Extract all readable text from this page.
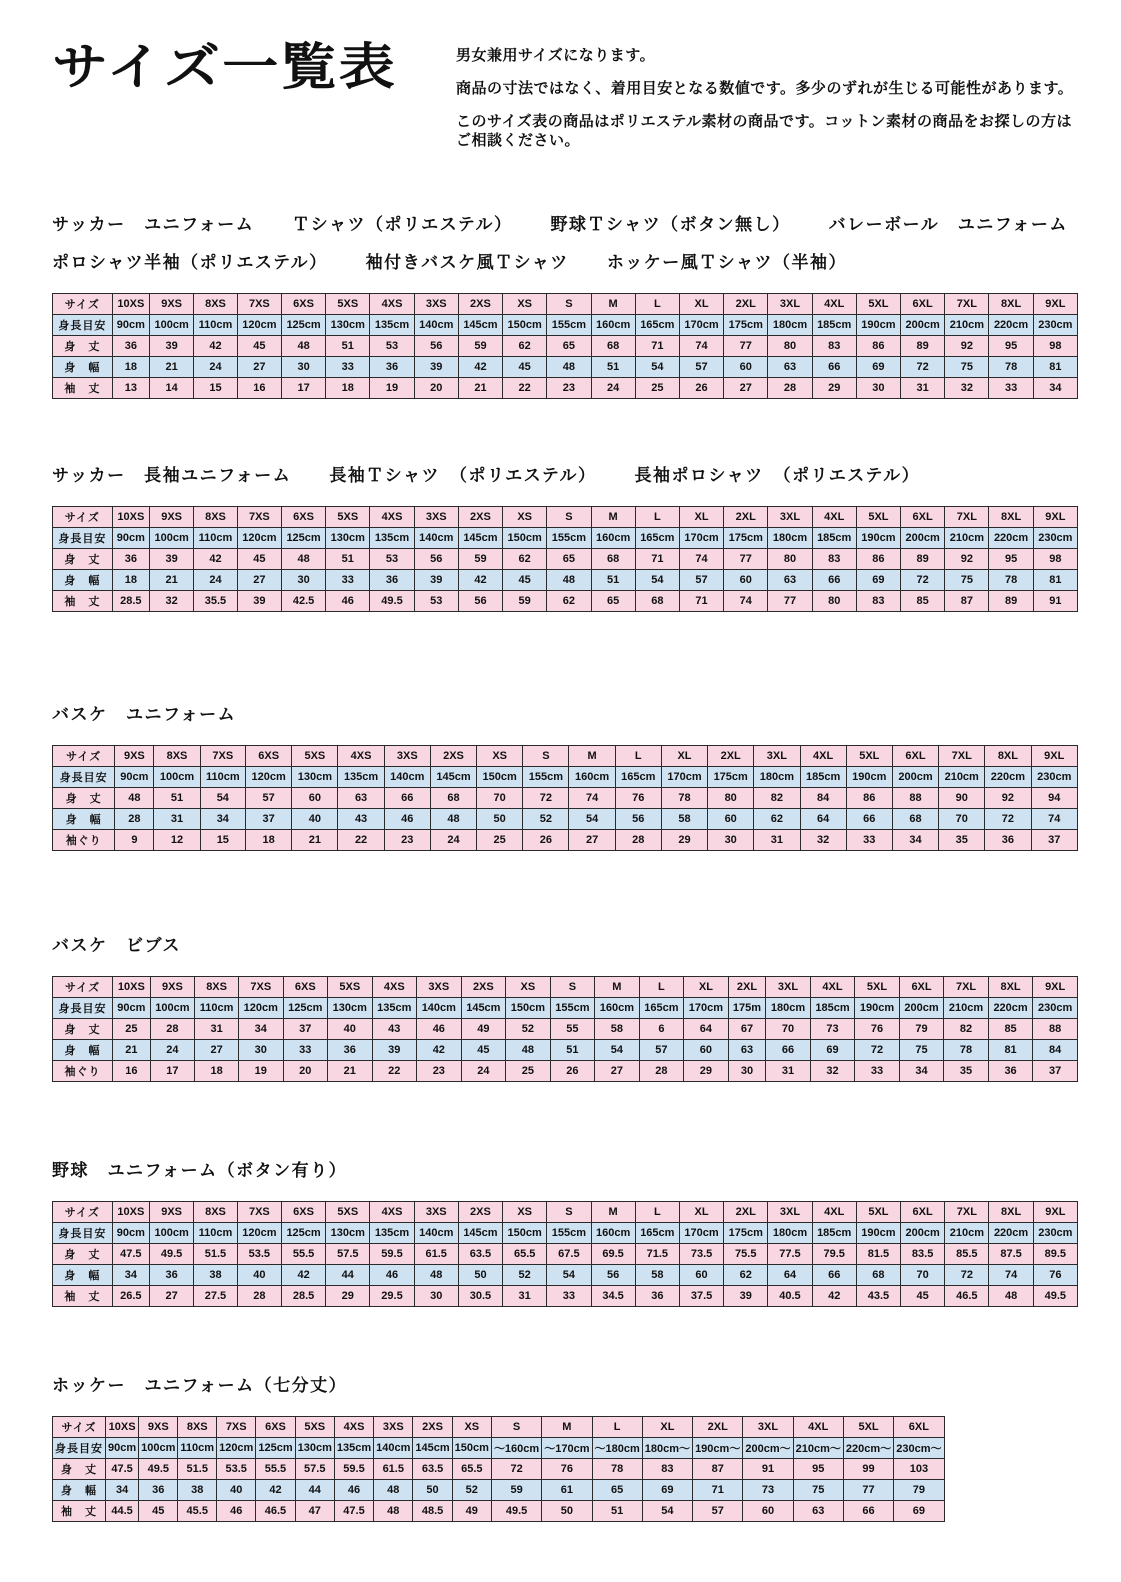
サイズ一覧表	男女兼用サイズになります。

商品の寸法ではなく、着用目安となる数値です。多少のずれが生じる可能性があります。

このサイズ表の商品はポリエステル素材の商品です。コットン素材の商品をお探しの方はご相談ください。

サッカー　ユニフォーム Ｔシャツ（ポリエステル） 野球Ｔシャツ（ボタン無し） バレーボール　ユニフォーム
ポロシャツ半袖（ポリエステル） 袖付きバスケ風Ｔシャツ ホッケー風Ｔシャツ（半袖）
サイズ	10XS	9XS	8XS	7XS	6XS	5XS	4XS	3XS	2XS	XS	S	M	L	XL	2XL	3XL	4XL	5XL	6XL	7XL	8XL	9XL
身長目安	90cm	100cm	110cm	120cm	125cm	130cm	135cm	140cm	145cm	150cm	155cm	160cm	165cm	170cm	175cm	180cm	185cm	190cm	200cm	210cm	220cm	230cm
身　丈	36	39	42	45	48	51	53	56	59	62	65	68	71	74	77	80	83	86	89	92	95	98
身　幅	18	21	24	27	30	33	36	39	42	45	48	51	54	57	60	63	66	69	72	75	78	81
袖　丈	13	14	15	16	17	18	19	20	21	22	23	24	25	26	27	28	29	30	31	32	33	34
サッカー　長袖ユニフォーム 長袖Ｔシャツ　（ポリエステル） 長袖ポロシャツ　（ポリエステル）
サイズ	10XS	9XS	8XS	7XS	6XS	5XS	4XS	3XS	2XS	XS	S	M	L	XL	2XL	3XL	4XL	5XL	6XL	7XL	8XL	9XL
身長目安	90cm	100cm	110cm	120cm	125cm	130cm	135cm	140cm	145cm	150cm	155cm	160cm	165cm	170cm	175cm	180cm	185cm	190cm	200cm	210cm	220cm	230cm
身　丈	36	39	42	45	48	51	53	56	59	62	65	68	71	74	77	80	83	86	89	92	95	98
身　幅	18	21	24	27	30	33	36	39	42	45	48	51	54	57	60	63	66	69	72	75	78	81
袖　丈	28.5	32	35.5	39	42.5	46	49.5	53	56	59	62	65	68	71	74	77	80	83	85	87	89	91
バスケ　ユニフォーム
サイズ	9XS	8XS	7XS	6XS	5XS	4XS	3XS	2XS	XS	S	M	L	XL	2XL	3XL	4XL	5XL	6XL	7XL	8XL	9XL
身長目安	90cm	100cm	110cm	120cm	130cm	135cm	140cm	145cm	150cm	155cm	160cm	165cm	170cm	175cm	180cm	185cm	190cm	200cm	210cm	220cm	230cm
身　丈	48	51	54	57	60	63	66	68	70	72	74	76	78	80	82	84	86	88	90	92	94
身　幅	28	31	34	37	40	43	46	48	50	52	54	56	58	60	62	64	66	68	70	72	74
袖ぐり	9	12	15	18	21	22	23	24	25	26	27	28	29	30	31	32	33	34	35	36	37
バスケ　ビブス
サイズ	10XS	9XS	8XS	7XS	6XS	5XS	4XS	3XS	2XS	XS	S	M	L	XL	2XL	3XL	4XL	5XL	6XL	7XL	8XL	9XL
身長目安	90cm	100cm	110cm	120cm	125cm	130cm	135cm	140cm	145cm	150cm	155cm	160cm	165cm	170cm	175m	180cm	185cm	190cm	200cm	210cm	220cm	230cm
身　丈	25	28	31	34	37	40	43	46	49	52	55	58	6	64	67	70	73	76	79	82	85	88
身　幅	21	24	27	30	33	36	39	42	45	48	51	54	57	60	63	66	69	72	75	78	81	84
袖ぐり	16	17	18	19	20	21	22	23	24	25	26	27	28	29	30	31	32	33	34	35	36	37
野球　ユニフォーム（ボタン有り）
サイズ	10XS	9XS	8XS	7XS	6XS	5XS	4XS	3XS	2XS	XS	S	M	L	XL	2XL	3XL	4XL	5XL	6XL	7XL	8XL	9XL
身長目安	90cm	100cm	110cm	120cm	125cm	130cm	135cm	140cm	145cm	150cm	155cm	160cm	165cm	170cm	175cm	180cm	185cm	190cm	200cm	210cm	220cm	230cm
身　丈	47.5	49.5	51.5	53.5	55.5	57.5	59.5	61.5	63.5	65.5	67.5	69.5	71.5	73.5	75.5	77.5	79.5	81.5	83.5	85.5	87.5	89.5
身　幅	34	36	38	40	42	44	46	48	50	52	54	56	58	60	62	64	66	68	70	72	74	76
袖　丈	26.5	27	27.5	28	28.5	29	29.5	30	30.5	31	33	34.5	36	37.5	39	40.5	42	43.5	45	46.5	48	49.5
ホッケー　ユニフォーム（七分丈）
サイズ	10XS	9XS	8XS	7XS	6XS	5XS	4XS	3XS	2XS	XS	S	M	L	XL	2XL	3XL	4XL	5XL	6XL
身長目安	90cm	100cm	110cm	120cm	125cm	130cm	135cm	140cm	145cm	150cm	～160cm	～170cm	～180cm	180cm～	190cm～	200cm～	210cm～	220cm～	230cm～
身　丈	47.5	49.5	51.5	53.5	55.5	57.5	59.5	61.5	63.5	65.5	72	76	78	83	87	91	95	99	103
身　幅	34	36	38	40	42	44	46	48	50	52	59	61	65	69	71	73	75	77	79
袖　丈	44.5	45	45.5	46	46.5	47	47.5	48	48.5	49	49.5	50	51	54	57	60	63	66	69
